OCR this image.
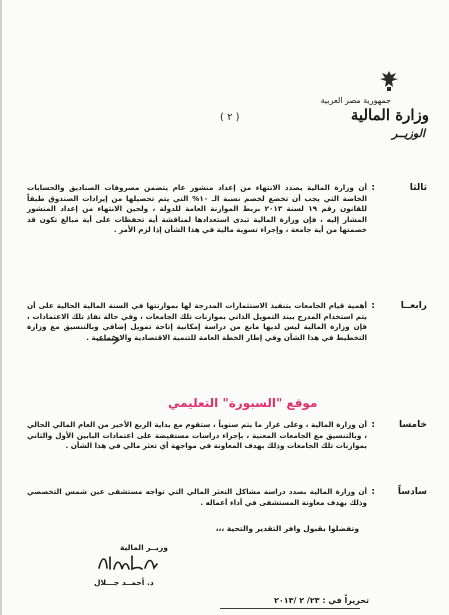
جمهورية مصر العربية
وزارة المالية
الوزيــر
( ٢ )
ثالثا
:
أن وزارة المالية بصدد الانتهاء من إعداد منشور عام يتضمن مصروفات الصناديق والحسابات الخاصة التي يجب أن تخضع لخصم نسبة الـ ١٠% التي يتم تحصيلها من إيرادات الصندوق طبقاً للقانون رقم ١٩ لسنة ٢٠١٣ بربط الموازنة العامة للدولة ، ولحين الانتهاء من إعداد المنشور المشار إليه ، فإن وزارة المالية تبدى استعدادها لمناقشة أية تحفظات على أية مبالغ تكون قد خصمتها من أية جامعة ، وإجراء تسوية مالية في هذا الشأن إذا لزم الأمر .
رابعــا
:
أهمية قيام الجامعات بتنفيذ الاستثمارات المدرجة لها بموازنتها في السنة المالية الحالية على أن يتم استخدام المدرج ببند التمويل الذاتي بموازنات تلك الجامعات ، وفي حالة نفاذ تلك الاعتمادات ، فإن وزارة المالية ليس لديها مانع من دراسة إمكانية إتاحة تمويل إضافي وبالتنسيق مع وزارة التخطيط في هذا الشأن وفي إطار الخطة العامة للتنمية الاقتصادية والاجتماعية .
موقع "السبورة" التعليمي
خامسا
:
أن وزارة المالية ، وعلى غرار ما يتم سنوياً ، ستقوم مع بداية الربع الأخير من العام المالي الحالي ، وبالتنسيق مع الجامعات المعنية ، بإجراء دراسات مستفيضة على اعتمادات البابين الأول والثاني بموازنات تلك الجامعات وذلك بهدف المعاونة في مواجهة أي تعثر مالي في هذا الشأن .
سادساً
:
أن وزارة المالية بصدد دراسة مشاكل التعثر المالي التي تواجه مستشفى عين شمس التخصصي وذلك بهدف معاونة المستشفى في أداء أعماله .
وتفضلوا بقبول وافر التقدير والتحية ،،،
وزيــر المالية
د. أحمــد جـــلال
تحريراً في : ٢٣/ ٢ /٢٠١٣
